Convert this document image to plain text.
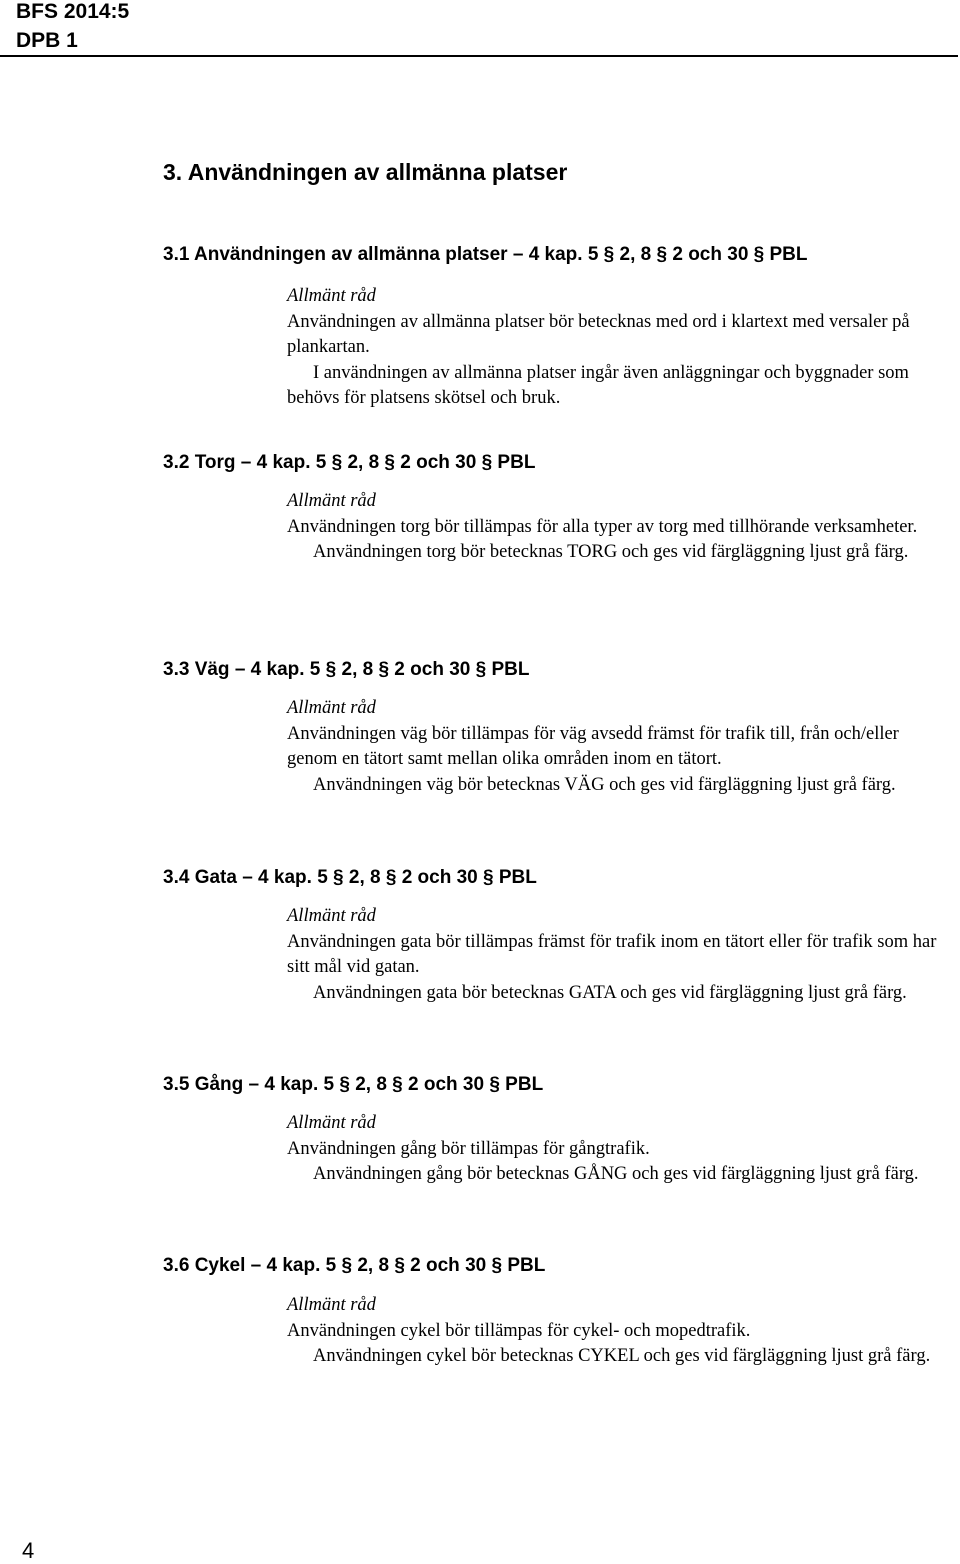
BFS 2014:5
DPB 1
3. Användningen av allmänna platser
3.1 Användningen av allmänna platser – 4 kap. 5 § 2, 8 § 2 och 30 § PBL

Allmänt råd

Användningen av allmänna platser bör betecknas med ord i klartext med versaler på plankartan.

I användningen av allmänna platser ingår även anläggningar och byggnader som behövs för platsens skötsel och bruk.

3.2 Torg – 4 kap. 5 § 2, 8 § 2 och 30 § PBL

Allmänt råd

Användningen torg bör tillämpas för alla typer av torg med tillhörande verksamheter.

Användningen torg bör betecknas TORG och ges vid färgläggning ljust grå färg.

3.3 Väg – 4 kap. 5 § 2, 8 § 2 och 30 § PBL

Allmänt råd

Användningen väg bör tillämpas för väg avsedd främst för trafik till, från och/eller genom en tätort samt mellan olika områden inom en tätort.

Användningen väg bör betecknas VÄG och ges vid färgläggning ljust grå färg.

3.4 Gata – 4 kap. 5 § 2, 8 § 2 och 30 § PBL

Allmänt råd

Användningen gata bör tillämpas främst för trafik inom en tätort eller för trafik som har sitt mål vid gatan.

Användningen gata bör betecknas GATA och ges vid färgläggning ljust grå färg.

3.5 Gång – 4 kap. 5 § 2, 8 § 2 och 30 § PBL

Allmänt råd

Användningen gång bör tillämpas för gångtrafik.

Användningen gång bör betecknas GÅNG och ges vid färgläggning ljust grå färg.

3.6 Cykel – 4 kap. 5 § 2, 8 § 2 och 30 § PBL

Allmänt råd

Användningen cykel bör tillämpas för cykel- och mopedtrafik.

Användningen cykel bör betecknas CYKEL och ges vid färgläggning ljust grå färg.

4
